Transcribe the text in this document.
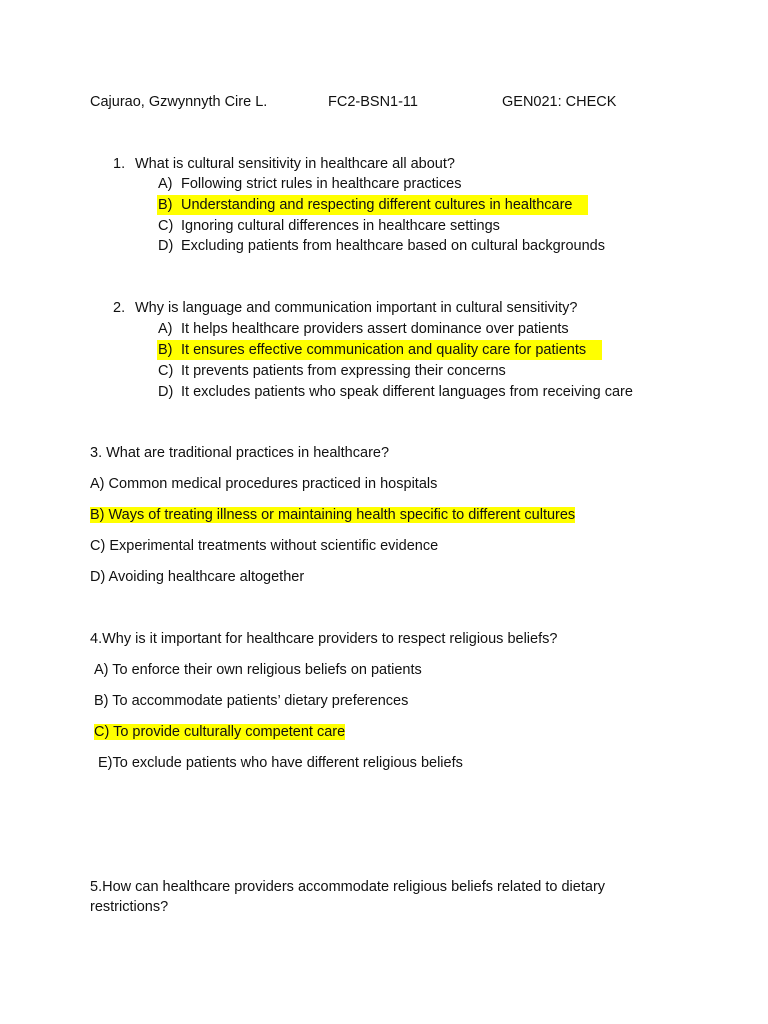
Cajurao, Gzwynnyth Cire L.	FC2-BSN1-11	GEN021: CHECK
1. What is cultural sensitivity in healthcare all about?
A) Following strict rules in healthcare practices
B) Understanding and respecting different cultures in healthcare
C) Ignoring cultural differences in healthcare settings
D) Excluding patients from healthcare based on cultural backgrounds
2. Why is language and communication important in cultural sensitivity?
A) It helps healthcare providers assert dominance over patients
B) It ensures effective communication and quality care for patients
C) It prevents patients from expressing their concerns
D) It excludes patients who speak different languages from receiving care
3. What are traditional practices in healthcare?
A) Common medical procedures practiced in hospitals
B) Ways of treating illness or maintaining health specific to different cultures
C) Experimental treatments without scientific evidence
D) Avoiding healthcare altogether
4.Why is it important for healthcare providers to respect religious beliefs?
A) To enforce their own religious beliefs on patients
B) To accommodate patients’ dietary preferences
C) To provide culturally competent care
E)To exclude patients who have different religious beliefs
5.How can healthcare providers accommodate religious beliefs related to dietary restrictions?
